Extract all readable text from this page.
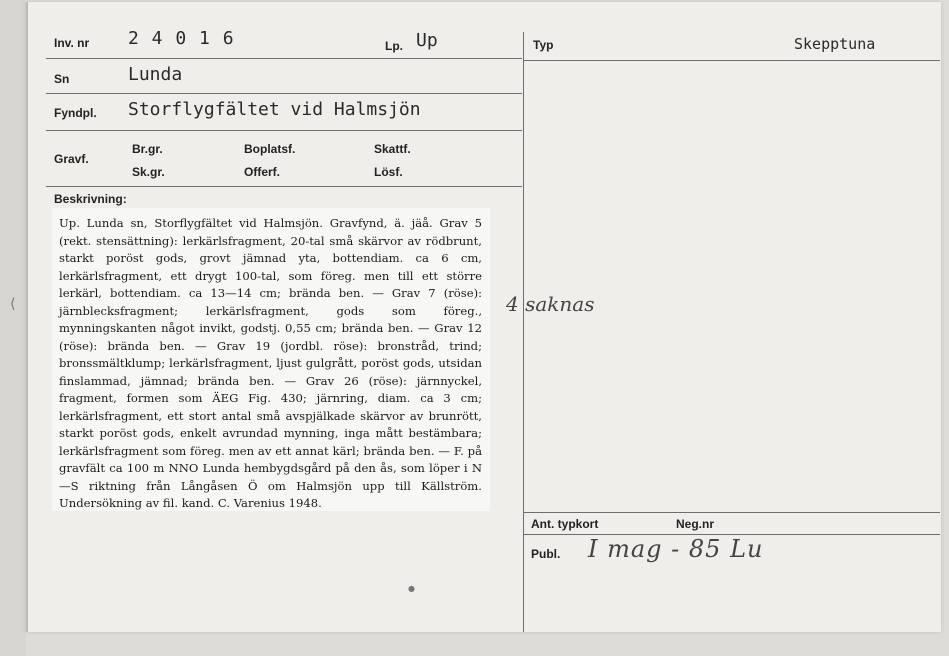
Inv. nr 2 4 0 1 6	Lp. Up
Sn	Lunda
Fyndpl. Storflygfältet vid Halmsjön
Gravf.
Br.gr.	Boplatsf.	Skattf.
Sk.gr.	Offerf.	Lösf.
Beskrivning:

Up. Lunda sn, Storflygfältet vid Halmsjön. Gravfynd, ä. jäå. Grav 5 (rekt. stensättning): lerkärlsfragment, 20-tal små skärvor av rödbrunt, starkt poröst gods, grovt jämnad yta, bottendiam. ca 6 cm, lerkärlsfragment, ett drygt 100-tal, som föreg. men till ett större lerkärl, bottendiam. ca 13—14 cm; brända ben. — Grav 7 (röse): järnblecksfragment; lerkärlsfragment, gods som föreg., mynningskanten något invikt, godstj. 0,55 cm; brända ben. — Grav 12 (röse): brända ben. — Grav 19 (jordbl. röse): bronstråd, trind; bronssmältklump; lerkärlsfragment, ljust gulgrått, poröst gods, utsidan finslammad, jämnad; brända ben. — Grav 26 (röse): järnnyckel, fragment, formen som ÄEG Fig. 430; järnring, diam. ca 3 cm; lerkärlsfragment, ett stort antal små avspjälkade skärvor av brunrött, starkt poröst gods, enkelt avrundad mynning, inga mått bestämbara; lerkärlsfragment som föreg. men av ett annat kärl; brända ben. — F. på gravfält ca 100 m NNO Lunda hembygdsgård på den ås, som löper i N—S riktning från Långåsen Ö om Halmsjön upp till Källström. Undersökning av fil. kand. C. Varenius 1948.

Typ	Skepptuna
4 saknas
Ant. typkort	Neg.nr
Publ. I mag - 85 Lu
●
⟨
